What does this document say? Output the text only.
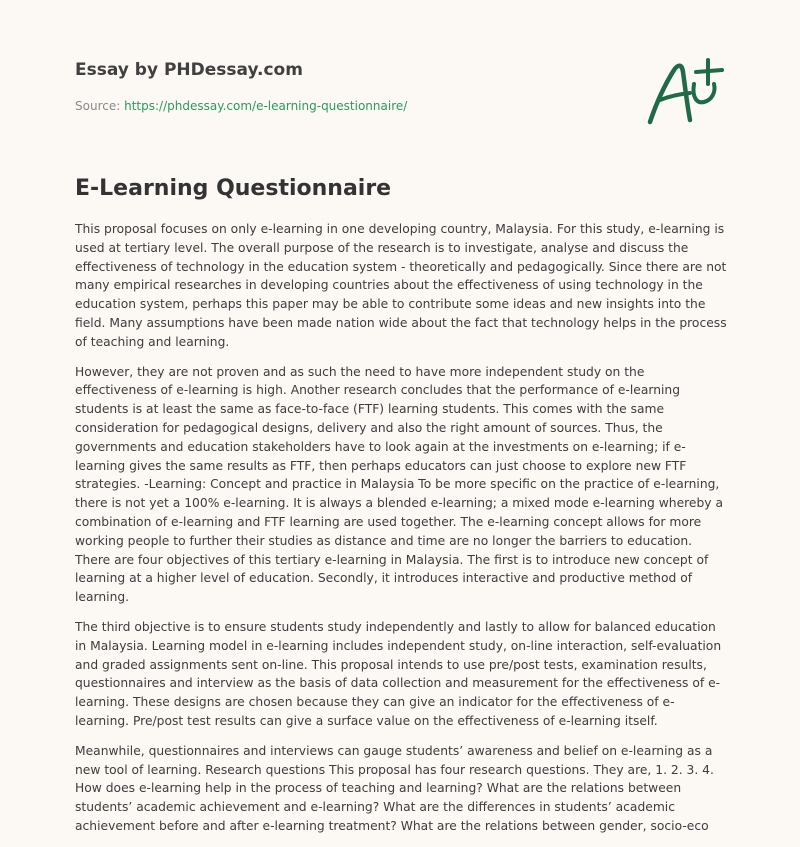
Essay by PHDessay.com
Source: https://phdessay.com/e-learning-questionnaire/
E-Learning Questionnaire

This proposal focuses on only e-learning in one developing country, Malaysia. For this study, e-learning is used at tertiary level. The overall purpose of the research is to investigate, analyse and discuss the effectiveness of technology in the education system - theoretically and pedagogically. Since there are not many empirical researches in developing countries about the effectiveness of using technology in the education system, perhaps this paper may be able to contribute some ideas and new insights into the field. Many assumptions have been made nation wide about the fact that technology helps in the process of teaching and learning.

However, they are not proven and as such the need to have more independent study on the effectiveness of e-learning is high. Another research concludes that the performance of e-learning students is at least the same as face-to-face (FTF) learning students. This comes with the same consideration for pedagogical designs, delivery and also the right amount of sources. Thus, the governments and education stakeholders have to look again at the investments on e-learning; if e-learning gives the same results as FTF, then perhaps educators can just choose to explore new FTF strategies. -Learning: Concept and practice in Malaysia To be more specific on the practice of e-learning, there is not yet a 100% e-learning. It is always a blended e-learning; a mixed mode e-learning whereby a combination of e-learning and FTF learning are used together. The e-learning concept allows for more working people to further their studies as distance and time are no longer the barriers to education. There are four objectives of this tertiary e-learning in Malaysia. The first is to introduce new concept of learning at a higher level of education. Secondly, it introduces interactive and productive method of learning.

The third objective is to ensure students study independently and lastly to allow for balanced education in Malaysia. Learning model in e-learning includes independent study, on-line interaction, self-evaluation and graded assignments sent on-line. This proposal intends to use pre/post tests, examination results, questionnaires and interview as the basis of data collection and measurement for the effectiveness of e-learning. These designs are chosen because they can give an indicator for the effectiveness of e-learning. Pre/post test results can give a surface value on the effectiveness of e-learning itself.

Meanwhile, questionnaires and interviews can gauge students’ awareness and belief on e-learning as a new tool of learning. Research questions This proposal has four research questions. They are, 1. 2. 3. 4. How does e-learning help in the process of teaching and learning? What are the relations between students’ academic achievement and e-learning? What are the differences in students’ academic achievement before and after e-learning treatment? What are the relations between gender, socio-eco
